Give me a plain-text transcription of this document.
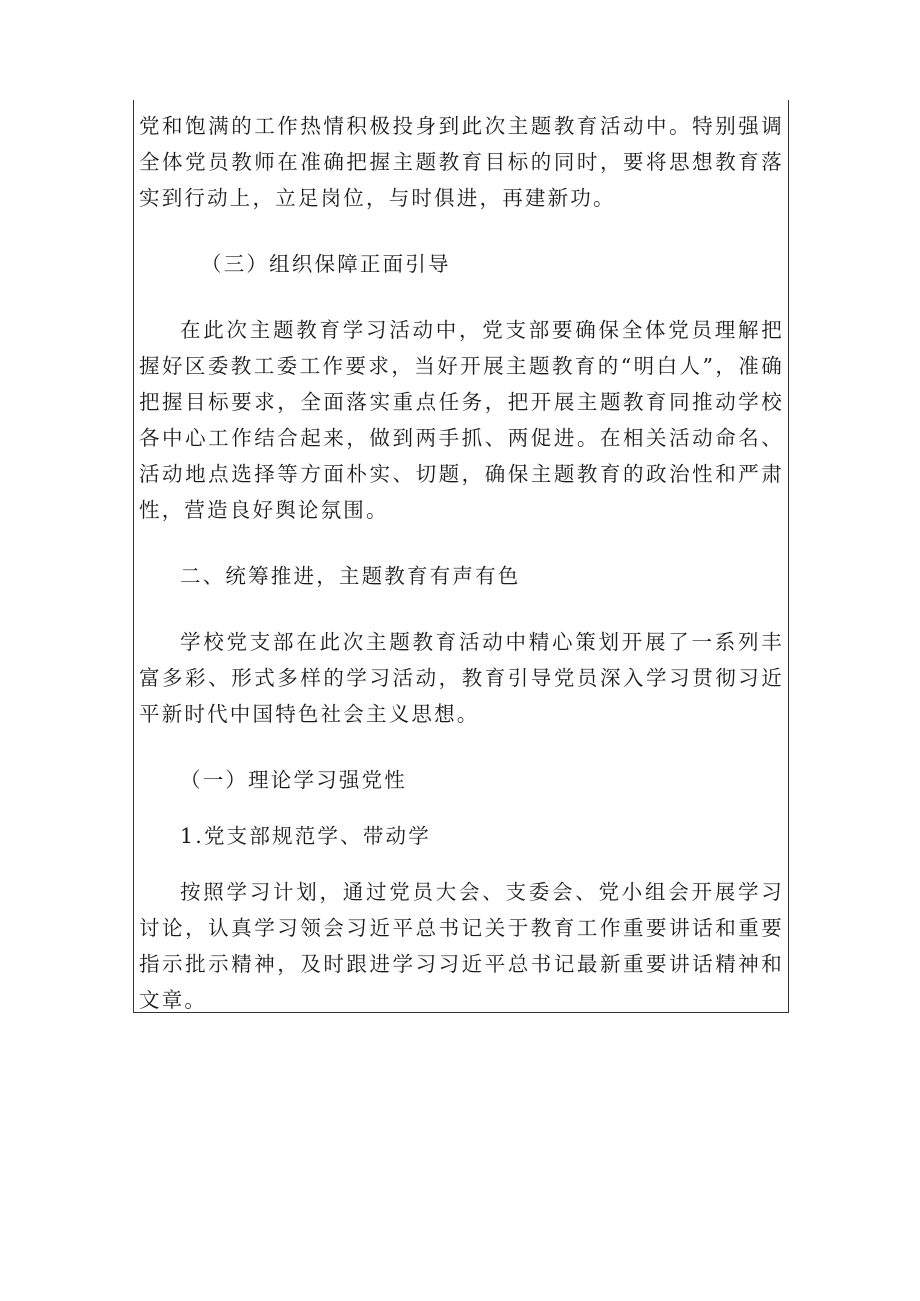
党和饱满的工作热情积极投身到此次主题教育活动中。特别强调全体党员教师在准确把握主题教育目标的同时，要将思想教育落实到行动上，立足岗位，与时俱进，再建新功。

（三）组织保障正面引导

在此次主题教育学习活动中，党支部要确保全体党员理解把握好区委教工委工作要求，当好开展主题教育的“明白人”，准确把握目标要求，全面落实重点任务，把开展主题教育同推动学校各中心工作结合起来，做到两手抓、两促进。在相关活动命名、活动地点选择等方面朴实、切题，确保主题教育的政治性和严肃性，营造良好舆论氛围。

二、统筹推进，主题教育有声有色

学校党支部在此次主题教育活动中精心策划开展了一系列丰富多彩、形式多样的学习活动，教育引导党员深入学习贯彻习近平新时代中国特色社会主义思想。

（一）理论学习强党性

1.党支部规范学、带动学

按照学习计划，通过党员大会、支委会、党小组会开展学习讨论，认真学习领会习近平总书记关于教育工作重要讲话和重要指示批示精神，及时跟进学习习近平总书记最新重要讲话精神和文章。
